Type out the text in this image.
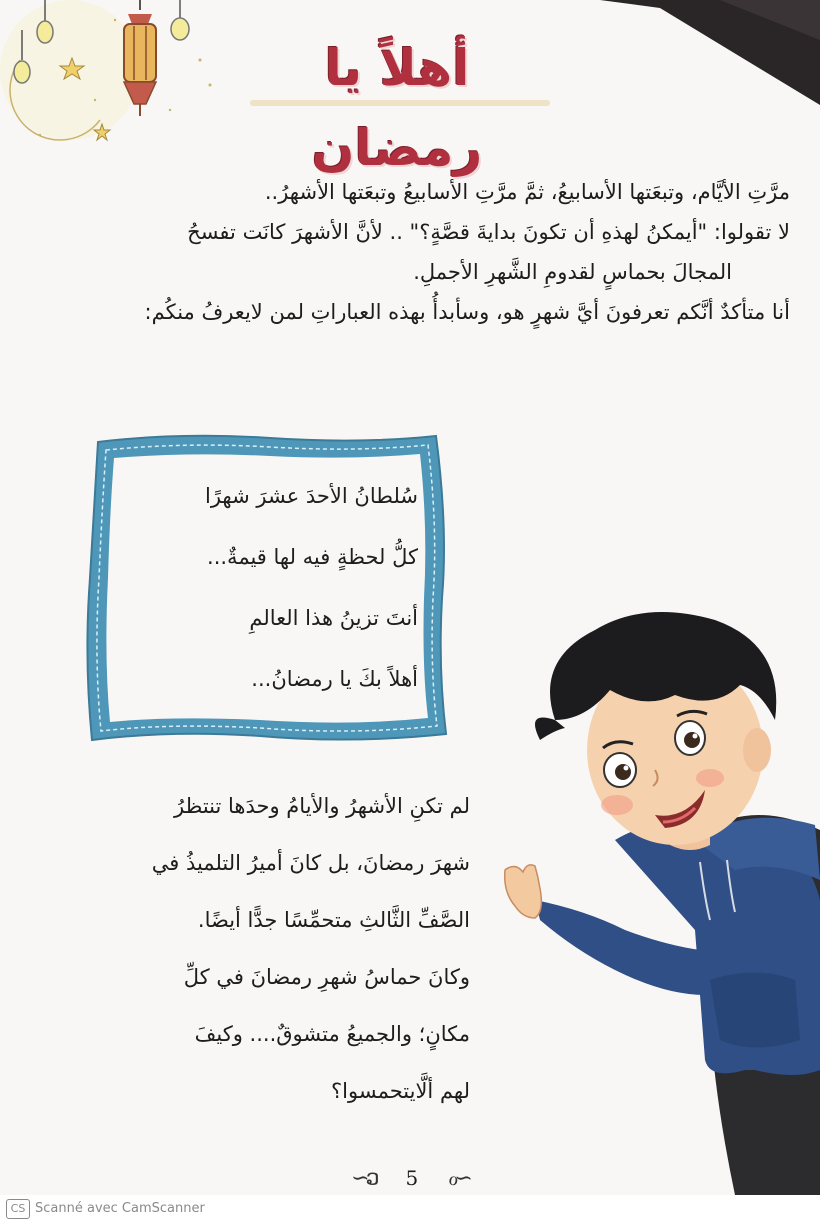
أهلاً يا رمضان

مرَّتِ الأيَّام، وتبعَتها الأسابيعُ، ثمَّ مرَّتِ الأسابيعُ وتبعَتها الأشهرُ..

لا تقولوا: "أيمكنُ لهذهِ أن تكونَ بدايةَ قصَّةٍ؟" .. لأنَّ الأشهرَ كانَت تفسحُ

المجالَ بحماسٍ لقدومِ الشَّهرِ الأجملِ.

أنا متأكدٌ أنَّكم تعرفونَ أيَّ شهرٍ هو، وسأبدأُ بهذه العباراتِ لمن لايعرفُ منكُم:

سُلطانُ الأحدَ عشرَ شهرًا
كلُّ لحظةٍ فيه لها قيمةٌ...
أنتَ تزينُ هذا العالمِ
أهلاً بكَ يا رمضانُ...
لم تكنِ الأشهرُ والأيامُ وحدَها تنتظرُ
شهرَ رمضانَ، بل كانَ أميرُ التلميذُ في
الصَّفِّ الثَّالثِ متحمِّسًا جدًّا أيضًا.
وكانَ حماسُ شهرِ رمضانَ في كلِّ
مكانٍ؛ والجميعُ متشوقٌ.... وكيفَ
لهم ألَّايتحمسوا؟
∽ວ 5 ℴ∽
CS Scanné avec CamScanner
